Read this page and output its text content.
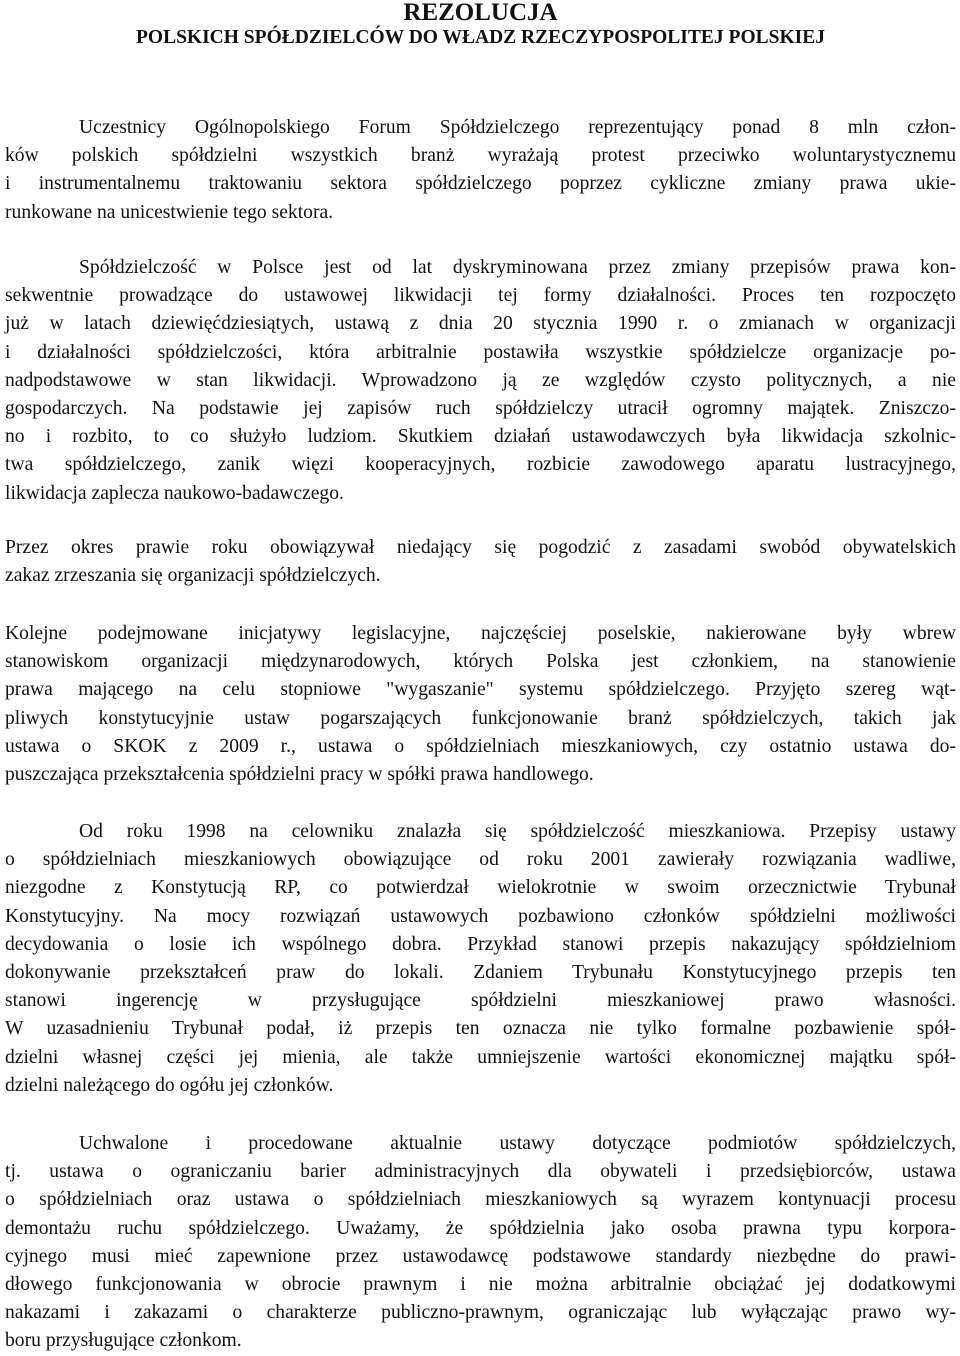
REZOLUCJA
POLSKICH SPÓŁDZIELCÓW DO WŁADZ RZECZYPOSPOLITEJ POLSKIEJ
Uczestnicy Ogólnopolskiego Forum Spółdzielczego reprezentujący ponad 8 mln człon-
ków polskich spółdzielni wszystkich branż wyrażają protest przeciwko woluntarystycznemu
i instrumentalnemu traktowaniu sektora spółdzielczego poprzez cykliczne zmiany prawa ukie-
runkowane na unicestwienie tego sektora.
Spółdzielczość w Polsce jest od lat dyskryminowana przez zmiany przepisów prawa kon-
sekwentnie prowadzące do ustawowej likwidacji tej formy działalności. Proces ten rozpoczęto
już w latach dziewięćdziesiątych, ustawą z dnia 20 stycznia 1990 r. o zmianach w organizacji
i działalności spółdzielczości, która arbitralnie postawiła wszystkie spółdzielcze organizacje po-
nadpodstawowe w stan likwidacji. Wprowadzono ją ze względów czysto politycznych, a nie
gospodarczych. Na podstawie jej zapisów ruch spółdzielczy utracił ogromny majątek. Zniszczo-
no i rozbito, to co służyło ludziom. Skutkiem działań ustawodawczych była likwidacja szkolnic-
twa spółdzielczego, zanik więzi kooperacyjnych, rozbicie zawodowego aparatu lustracyjnego,
likwidacja zaplecza naukowo-badawczego.
Przez okres prawie roku obowiązywał niedający się pogodzić z zasadami swobód obywatelskich
zakaz zrzeszania się organizacji spółdzielczych.
Kolejne podejmowane inicjatywy legislacyjne, najczęściej poselskie, nakierowane były wbrew
stanowiskom organizacji międzynarodowych, których Polska jest członkiem, na stanowienie
prawa mającego na celu stopniowe "wygaszanie" systemu spółdzielczego. Przyjęto szereg wąt-
pliwych konstytucyjnie ustaw pogarszających funkcjonowanie branż spółdzielczych, takich jak
ustawa o SKOK z 2009 r., ustawa o spółdzielniach mieszkaniowych, czy ostatnio ustawa do-
puszczająca przekształcenia spółdzielni pracy w spółki prawa handlowego.
Od roku 1998 na celowniku znalazła się spółdzielczość mieszkaniowa. Przepisy ustawy
o spółdzielniach mieszkaniowych obowiązujące od roku 2001 zawierały rozwiązania wadliwe,
niezgodne z Konstytucją RP, co potwierdzał wielokrotnie w swoim orzecznictwie Trybunał
Konstytucyjny. Na mocy rozwiązań ustawowych pozbawiono członków spółdzielni możliwości
decydowania o losie ich wspólnego dobra. Przykład stanowi przepis nakazujący spółdzielniom
dokonywanie przekształceń praw do lokali. Zdaniem Trybunału Konstytucyjnego przepis ten
stanowi ingerencję w przysługujące spółdzielni mieszkaniowej prawo własności.
W uzasadnieniu Trybunał podał, iż przepis ten oznacza nie tylko formalne pozbawienie spół-
dzielni własnej części jej mienia, ale także umniejszenie wartości ekonomicznej majątku spół-
dzielni należącego do ogółu jej członków.
Uchwalone i procedowane aktualnie ustawy dotyczące podmiotów spółdzielczych,
tj. ustawa o ograniczaniu barier administracyjnych dla obywateli i przedsiębiorców, ustawa
o spółdzielniach oraz ustawa o spółdzielniach mieszkaniowych są wyrazem kontynuacji procesu
demontażu ruchu spółdzielczego. Uważamy, że spółdzielnia jako osoba prawna typu korpora-
cyjnego musi mieć zapewnione przez ustawodawcę podstawowe standardy niezbędne do prawi-
dłowego funkcjonowania w obrocie prawnym i nie można arbitralnie obciążać jej dodatkowymi
nakazami i zakazami o charakterze publiczno-prawnym, ograniczając lub wyłączając prawo wy-
boru przysługujące członkom.
